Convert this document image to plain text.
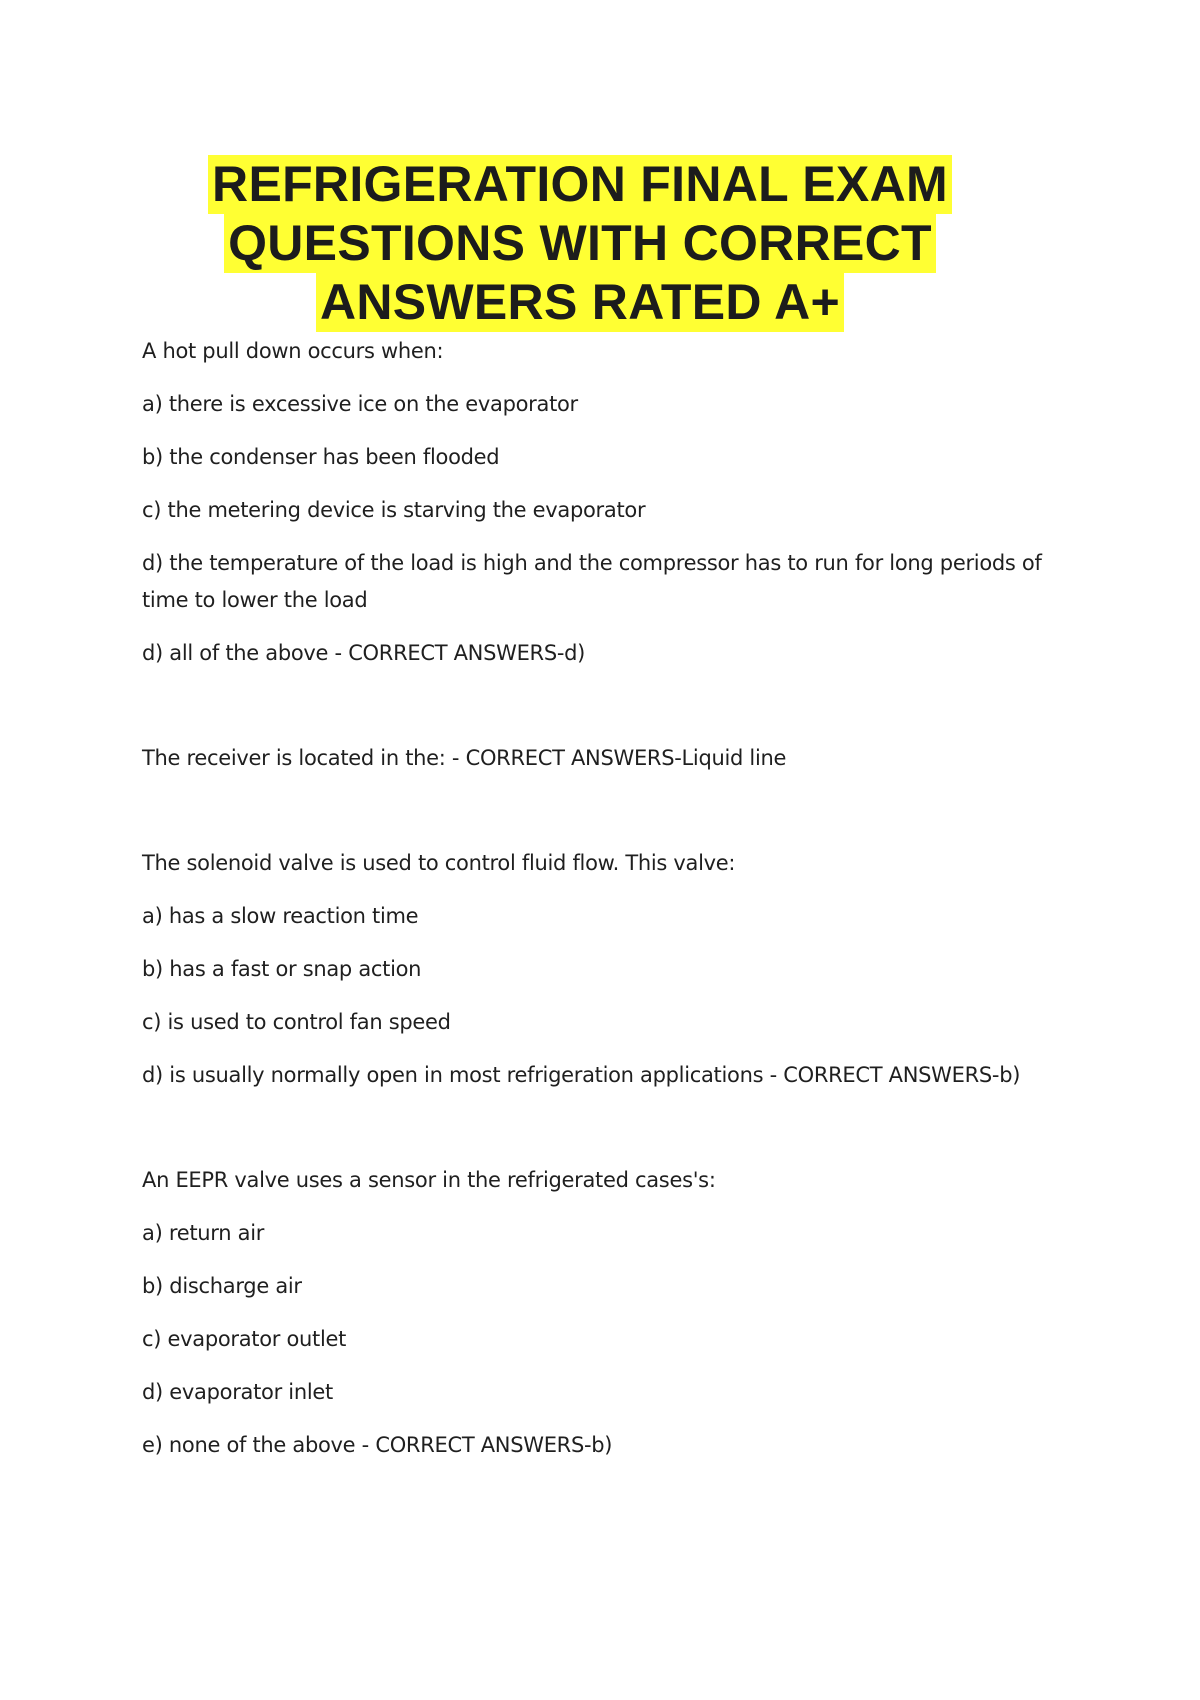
REFRIGERATION FINAL EXAM
QUESTIONS WITH CORRECT
ANSWERS RATED A+
A hot pull down occurs when:
a) there is excessive ice on the evaporator
b) the condenser has been flooded
c) the metering device is starving the evaporator
d) the temperature of the load is high and the compressor has to run for long periods of time to lower the load
d) all of the above - CORRECT ANSWERS-d)
The receiver is located in the: - CORRECT ANSWERS-Liquid line
The solenoid valve is used to control fluid flow. This valve:
a) has a slow reaction time
b) has a fast or snap action
c) is used to control fan speed
d) is usually normally open in most refrigeration applications - CORRECT ANSWERS-b)
An EEPR valve uses a sensor in the refrigerated cases's:
a) return air
b) discharge air
c) evaporator outlet
d) evaporator inlet
e) none of the above - CORRECT ANSWERS-b)
